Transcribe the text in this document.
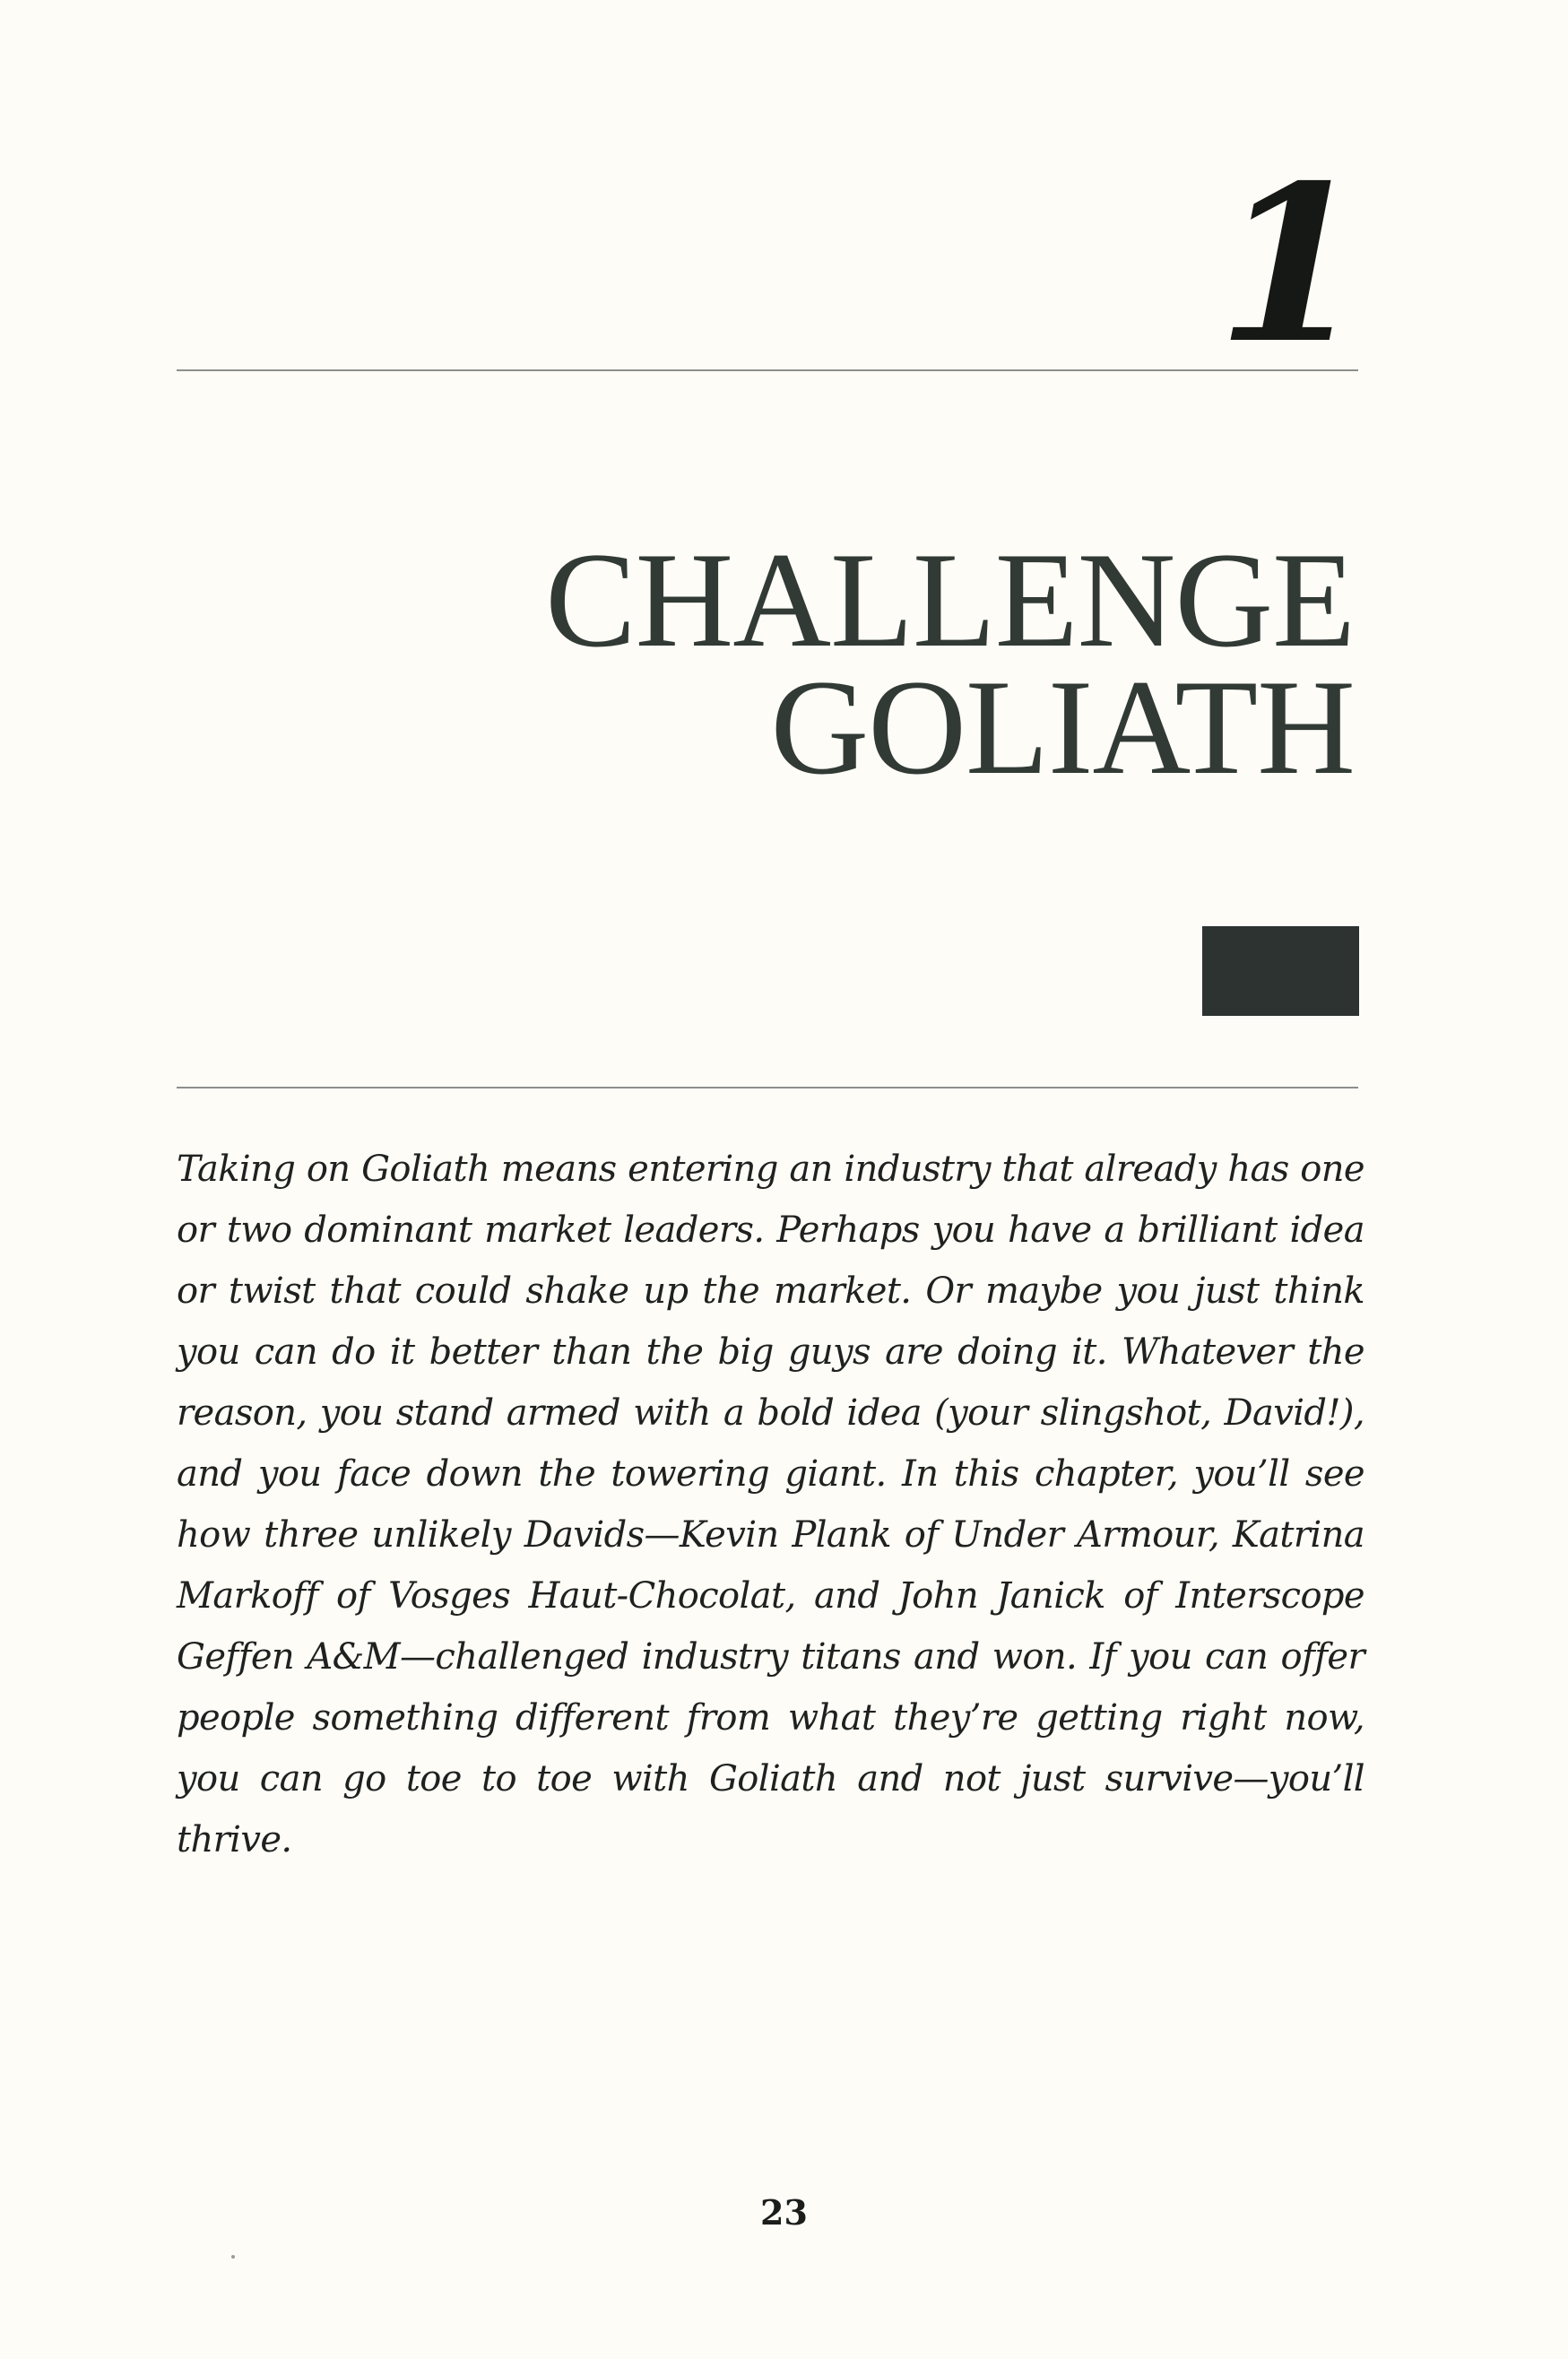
1
CHALLENGE
GOLIATH

Taking on Goliath means entering an industry that already has one or two dominant market leaders. Perhaps you have a brilliant idea or twist that could shake up the market. Or maybe you just think you can do it better than the big guys are doing it. Whatever the reason, you stand armed with a bold idea (your slingshot, David!), and you face down the towering giant. In this chapter, you’ll see how three unlikely Davids—Kevin Plank of Under Armour, Katrina Markoff of Vosges Haut-Chocolat, and John Janick of Interscope Geffen A&M—challenged industry titans and won. If you can offer people something different from what they’re getting right now, you can go toe to toe with Goliath and not just survive—you’ll thrive.

23
